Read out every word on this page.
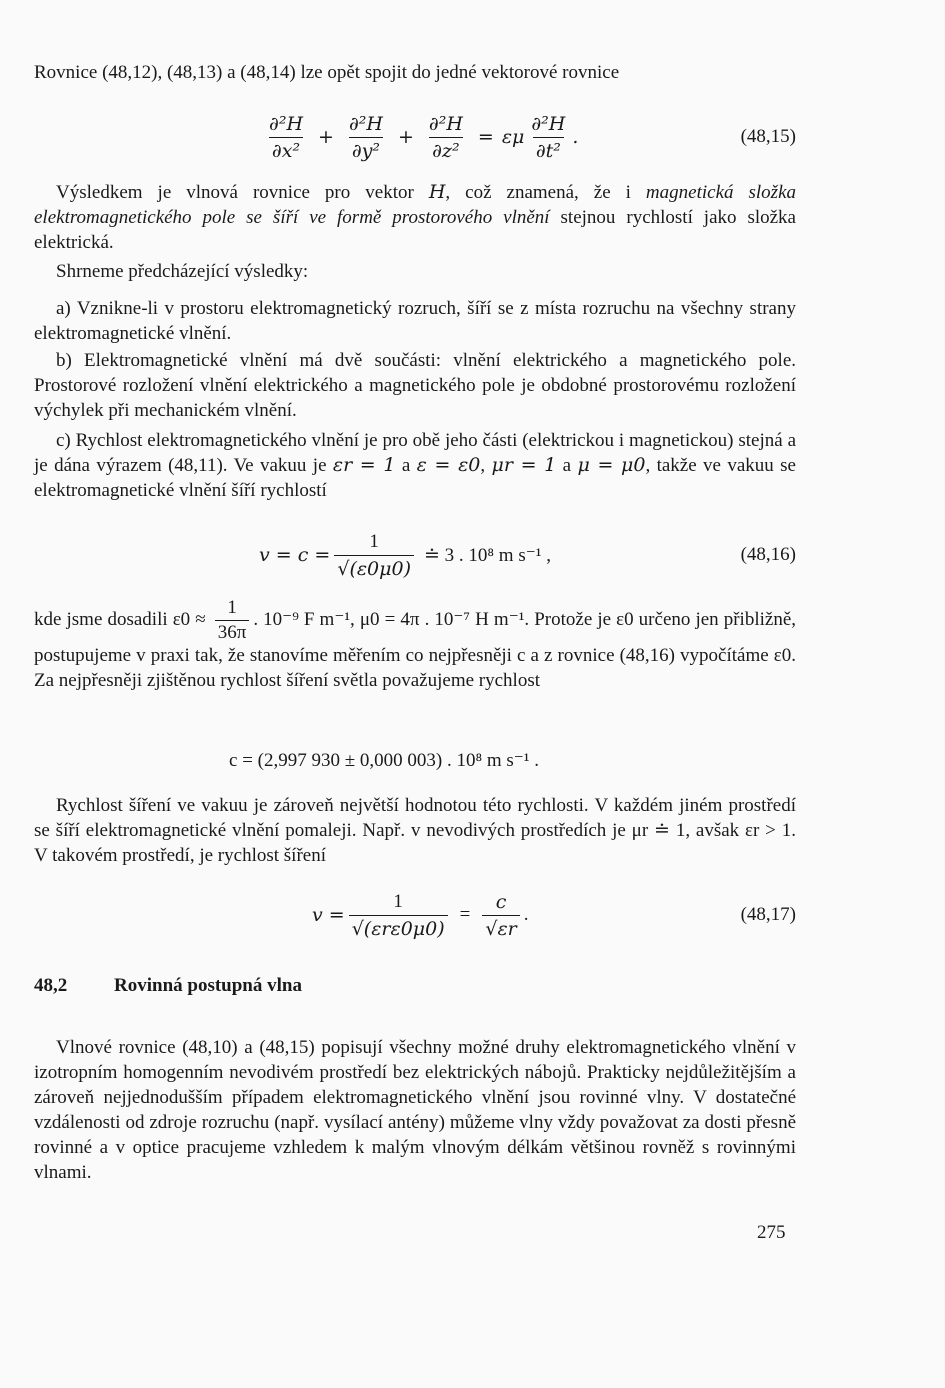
Rovnice (48,12), (48,13) a (48,14) lze opět spojit do jedné vektorové rovnice

$\frac{\text{∂²H}}{\text{∂x²}} + \frac{\text{∂²H}}{\text{∂y²}} + \frac{\text{∂²H}}{\text{∂z²}} = \varepsilon\mu \frac{\text{∂²H}}{\text{∂t²}}$ .	(48,15)

Výsledkem je vlnová rovnice pro vektor H, což znamená, že i magnetická složka elektromagnetického pole se šíří ve formě prostorového vlnění stejnou rychlostí jako složka elektrická.

Shrneme předcházející výsledky:

a) Vznikne-li v prostoru elektromagnetický rozruch, šíří se z místa rozruchu na všechny strany elektromagnetické vlnění.

b) Elektromagnetické vlnění má dvě součásti: vlnění elektrického a magnetického pole. Prostorové rozložení vlnění elektrického a magnetického pole je obdobné prostorovému rozložení výchylek při mechanickém vlnění.

c) Rychlost elektromagnetického vlnění je pro obě jeho části (elektrickou i magnetickou) stejná a je dána výrazem (48,11). Ve vakuu je εr = 1 a ε = ε0, μr = 1 a μ = μ0, takže ve vakuu se elektromagnetické vlnění šíří rychlostí

$v = c = \frac{1}{√(\varepsilon 0\mu 0)}$ ≐ 3 . 10⁸ m s⁻¹ ,	(48,16)

kde jsme dosadili $\varepsilon 0 \approx \frac{1}{36\pi}$ . 10⁻⁹ F m⁻¹, μ0 = 4π . 10⁻⁷ H m⁻¹. Protože je ε0 určeno jen přibližně, postupujeme v praxi tak, že stanovíme měřením co nejpřesněji c a z rovnice (48,16) vypočítáme ε0. Za nejpřesněji zjištěnou rychlost šíření světla považujeme rychlost

c = (2,997 930 ± 0,000 003) . 10⁸ m s⁻¹ .

Rychlost šíření ve vakuu je zároveň největší hodnotou této rychlosti. V každém jiném prostředí se šíří elektromagnetické vlnění pomaleji. Např. v nevodivých prostředích je μr ≐ 1, avšak εr > 1. V takovém prostředí, je rychlost šíření

$v = \frac{1}{\text{√(εrε0μ0)}} = \frac{c}{√\varepsilon r}$ .	(48,17)
48,2 Rovinná postupná vlna

Vlnové rovnice (48,10) a (48,15) popisují všechny možné druhy elektromagnetického vlnění v izotropním homogenním nevodivém prostředí bez elektrických nábojů. Prakticky nejdůležitějším a zároveň nejjednodušším případem elektromagnetického vlnění jsou rovinné vlny. V dostatečné vzdálenosti od zdroje rozruchu (např. vysílací antény) můžeme vlny vždy považovat za dosti přesně rovinné a v optice pracujeme vzhledem k malým vlnovým délkám většinou rovněž s rovinnými vlnami.

275
